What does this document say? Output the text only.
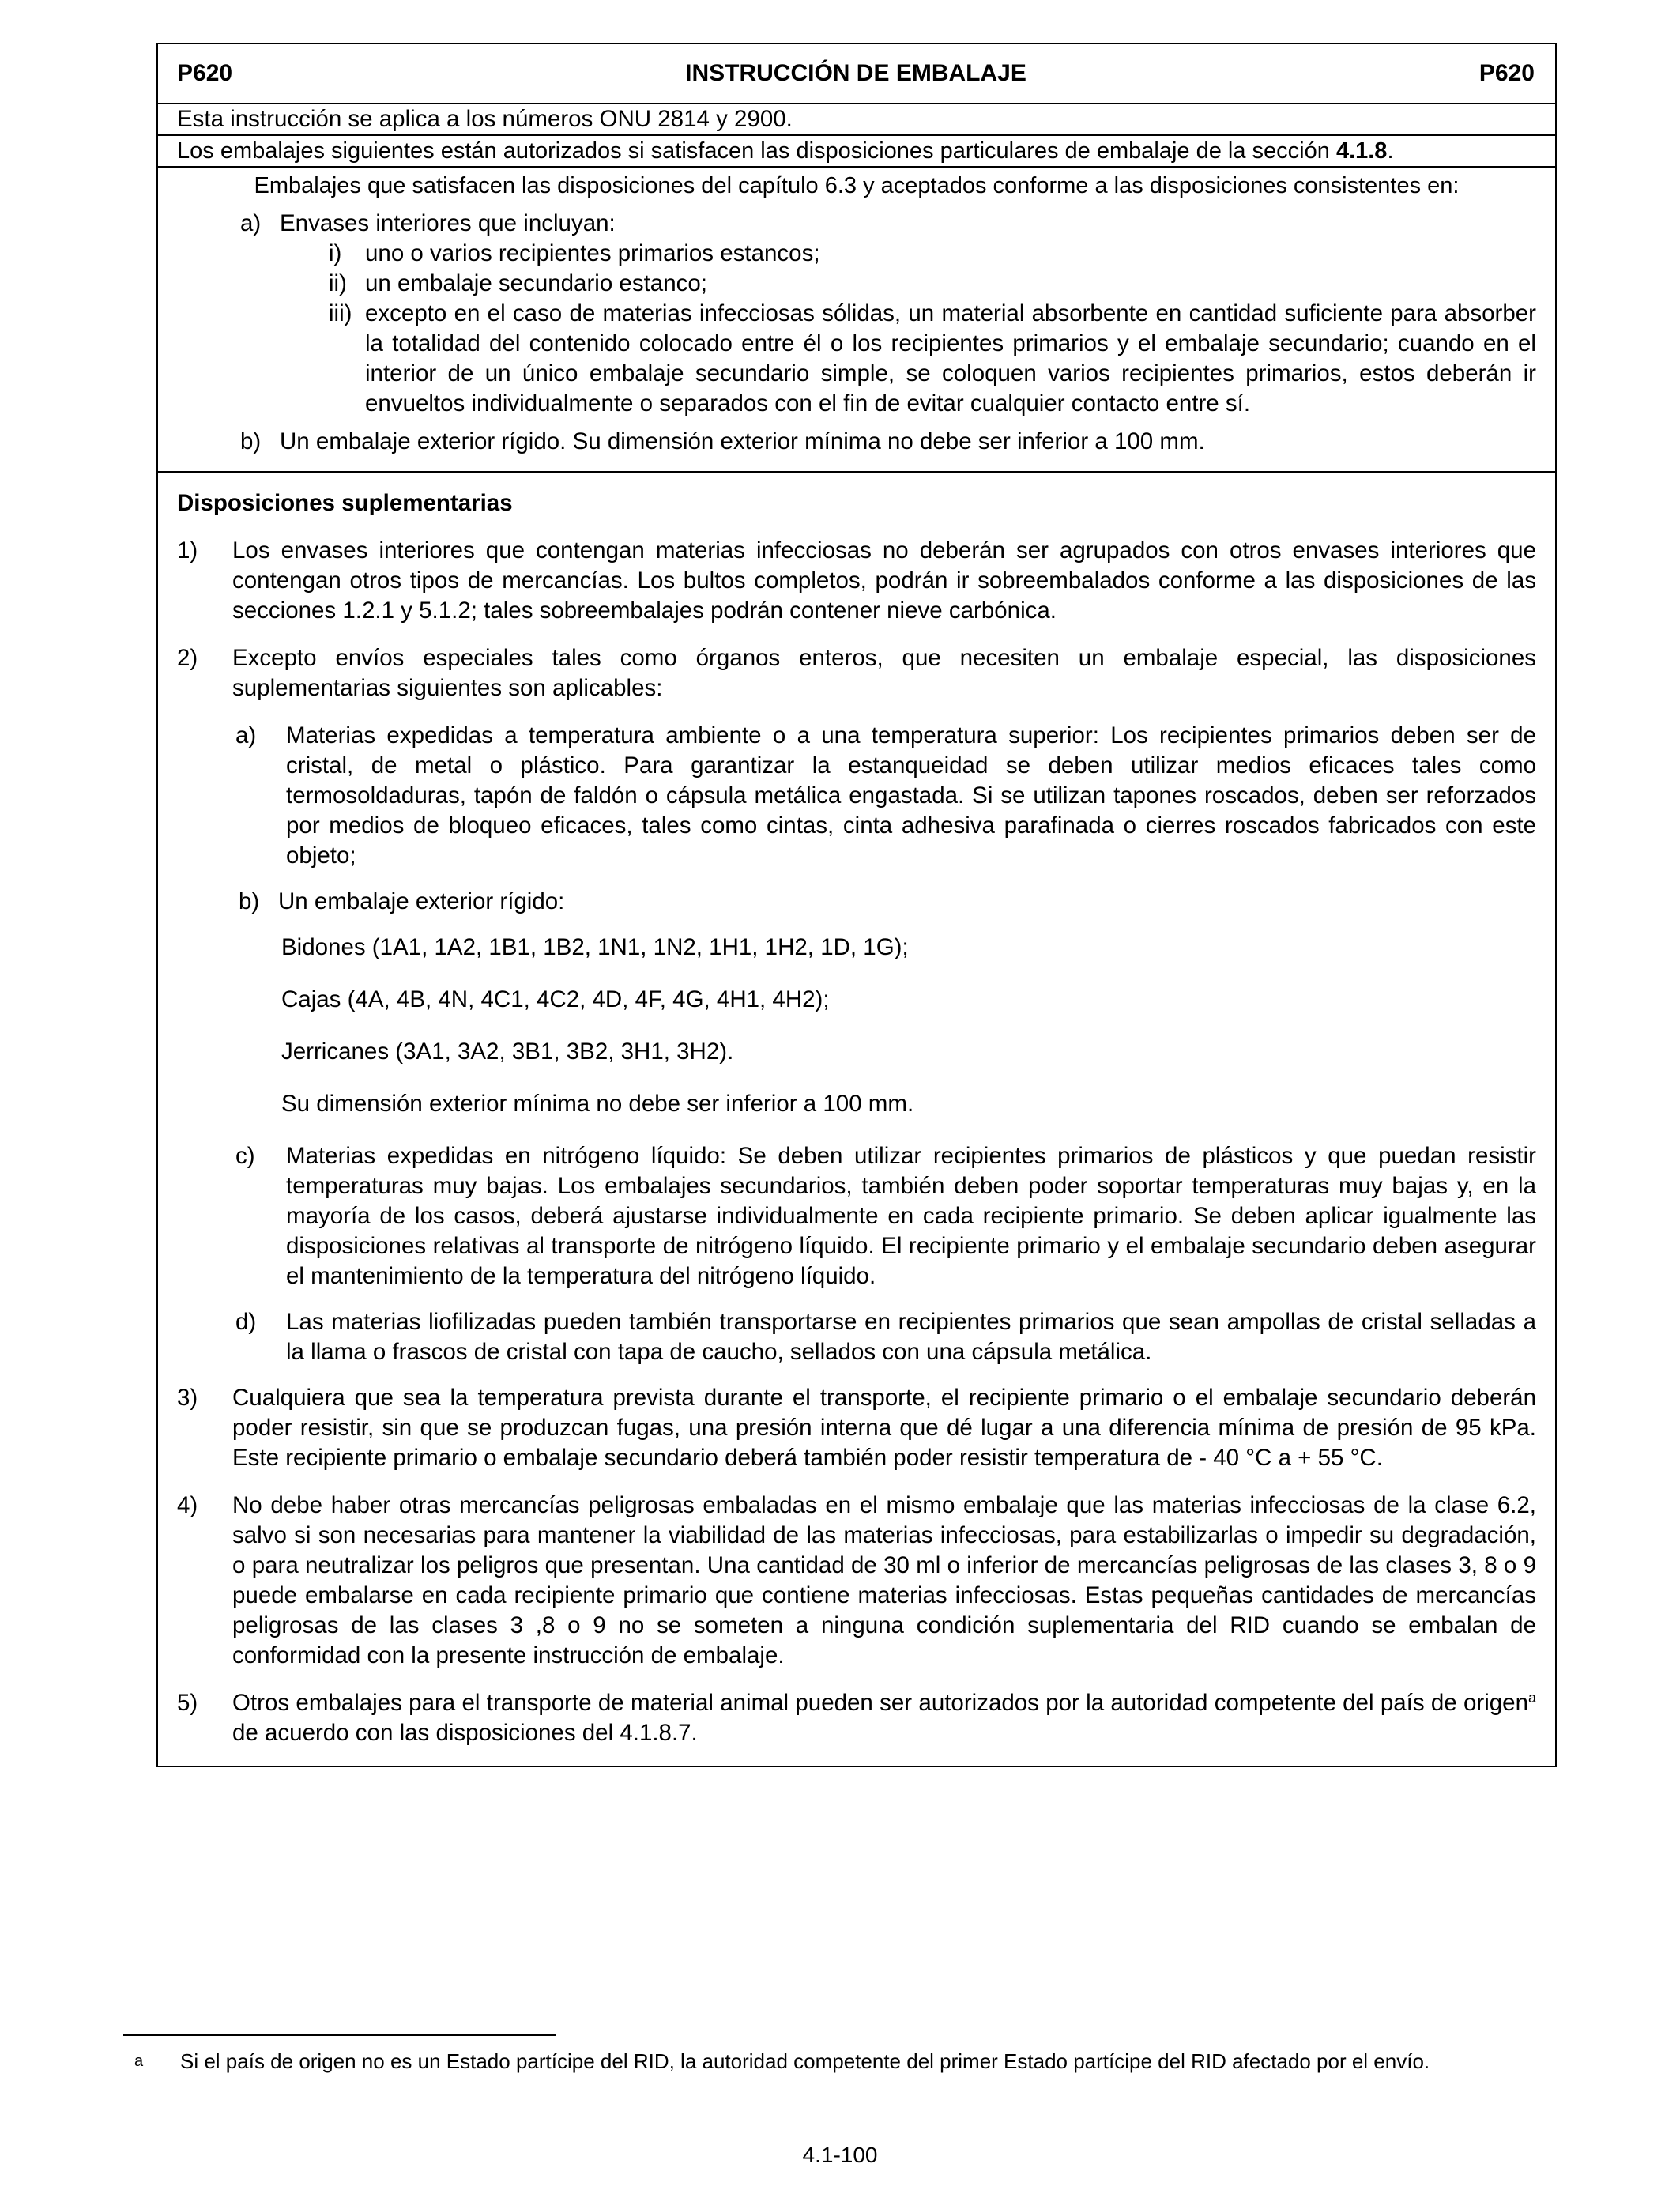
P620	INSTRUCCIÓN DE EMBALAJE	P620
Esta instrucción se aplica a los números ONU 2814 y 2900.
Los embalajes siguientes están autorizados si satisfacen las disposiciones particulares de embalaje de la sección 4.1.8.
Embalajes que satisfacen las disposiciones del capítulo 6.3 y aceptados conforme a las disposiciones consistentes en:
a) Envases interiores que incluyan:
i)	uno o varios recipientes primarios estancos;
ii) un embalaje secundario estanco;
iii) excepto en el caso de materias infecciosas sólidas, un material absorbente en cantidad suficiente para absorber la totalidad del contenido colocado entre él o los recipientes primarios y el embalaje secundario; cuando en el interior de un único embalaje secundario simple, se coloquen varios recipientes primarios, estos deberán ir envueltos individualmente o separados con el fin de evitar cualquier contacto entre sí.
b) Un embalaje exterior rígido. Su dimensión exterior mínima no debe ser inferior a 100 mm.
Disposiciones suplementarias
1)	Los envases interiores que contengan materias infecciosas no deberán ser agrupados con otros envases interiores que contengan otros tipos de mercancías. Los bultos completos, podrán ir sobreembalados conforme a las disposiciones de las secciones 1.2.1 y 5.1.2; tales sobreembalajes podrán contener nieve carbónica.
2)	Excepto envíos especiales tales como órganos enteros, que necesiten un embalaje especial, las disposiciones suplementarias siguientes son aplicables:
a)	Materias expedidas a temperatura ambiente o a una temperatura superior: Los recipientes primarios deben ser de cristal, de metal o plástico. Para garantizar la estanqueidad se deben utilizar medios eficaces tales como termosoldaduras, tapón de faldón o cápsula metálica engastada. Si se utilizan tapones roscados, deben ser reforzados por medios de bloqueo eficaces, tales como cintas, cinta adhesiva parafinada o cierres roscados fabricados con este objeto;
b) Un embalaje exterior rígido:
Bidones (1A1, 1A2, 1B1, 1B2, 1N1, 1N2, 1H1, 1H2, 1D, 1G);
Cajas (4A, 4B, 4N, 4C1, 4C2, 4D, 4F, 4G, 4H1, 4H2);
Jerricanes (3A1, 3A2, 3B1, 3B2, 3H1, 3H2).
Su dimensión exterior mínima no debe ser inferior a 100 mm.
c)	Materias expedidas en nitrógeno líquido: Se deben utilizar recipientes primarios de plásticos y que puedan resistir temperaturas muy bajas. Los embalajes secundarios, también deben poder soportar temperaturas muy bajas y, en la mayoría de los casos, deberá ajustarse individualmente en cada recipiente primario. Se deben aplicar igualmente las disposiciones relativas al transporte de nitrógeno líquido. El recipiente primario y el embalaje secundario deben asegurar el mantenimiento de la temperatura del nitrógeno líquido.
d)	Las materias liofilizadas pueden también transportarse en recipientes primarios que sean ampollas de cristal selladas a la llama o frascos de cristal con tapa de caucho, sellados con una cápsula metálica.
3)	Cualquiera que sea la temperatura prevista durante el transporte, el recipiente primario o el embalaje secundario deberán poder resistir, sin que se produzcan fugas, una presión interna que dé lugar a una diferencia mínima de presión de 95 kPa. Este recipiente primario o embalaje secundario deberá también poder resistir temperatura de - 40 °C a + 55 °C.
4)	No debe haber otras mercancías peligrosas embaladas en el mismo embalaje que las materias infecciosas de la clase 6.2, salvo si son necesarias para mantener la viabilidad de las materias infecciosas, para estabilizarlas o impedir su degradación, o para neutralizar los peligros que presentan. Una cantidad de 30 ml o inferior de mercancías peligrosas de las clases 3, 8 o 9 puede embalarse en cada recipiente primario que contiene materias infecciosas. Estas pequeñas cantidades de mercancías peligrosas de las clases 3 ,8 o 9 no se someten a ninguna condición suplementaria del RID cuando se embalan de conformidad con la presente instrucción de embalaje.
5)	Otros embalajes para el transporte de material animal pueden ser autorizados por la autoridad competente del país de origen$^a$ de acuerdo con las disposiciones del 4.1.8.7.
a	Si el país de origen no es un Estado partícipe del RID, la autoridad competente del primer Estado partícipe del RID afectado por el envío.
4.1-100
